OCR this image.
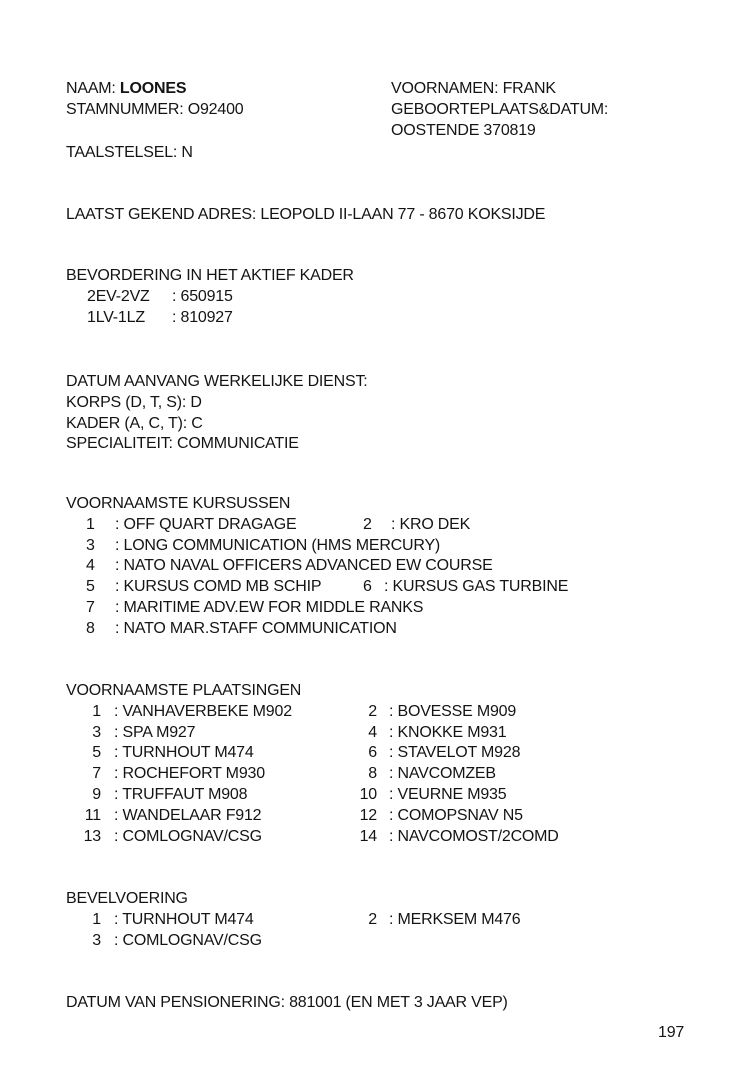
NAAM: LOONES
STAMNUMMER: O92400
TAALSTELSEL: N
VOORNAMEN: FRANK
GEBOORTEPLAATS&DATUM:
OOSTENDE 370819
LAATST GEKEND ADRES: LEOPOLD II-LAAN 77 - 8670 KOKSIJDE
BEVORDERING IN HET AKTIEF KADER
2EV-2VZ : 650915
1LV-1LZ : 810927
DATUM AANVANG WERKELIJKE DIENST:
KORPS (D, T, S): D
KADER (A, C, T): C
SPECIALITEIT: COMMUNICATIE
VOORNAAMSTE KURSUSSEN
1 : OFF QUART DRAGAGE	2 : KRO DEK
3 : LONG COMMUNICATION (HMS MERCURY)
4 : NATO NAVAL OFFICERS ADVANCED EW COURSE
5 : KURSUS COMD MB SCHIP	6 : KURSUS GAS TURBINE
7 : MARITIME ADV.EW FOR MIDDLE RANKS
8 : NATO MAR.STAFF COMMUNICATION
VOORNAAMSTE PLAATSINGEN
1 : VANHAVERBEKE M902	2 : BOVESSE M909
3 : SPA M927	4 : KNOKKE M931
5 : TURNHOUT M474	6 : STAVELOT M928
7 : ROCHEFORT M930	8 : NAVCOMZEB
9 : TRUFFAUT M908	10 : VEURNE M935
11 : WANDELAAR F912	12 : COMOPSNAV N5
13 : COMLOGNAV/CSG	14 : NAVCOMOST/2COMD
BEVELVOERING
1 : TURNHOUT M474	2 : MERKSEM M476
3 : COMLOGNAV/CSG
DATUM VAN PENSIONERING: 881001 (EN MET 3 JAAR VEP)
197
